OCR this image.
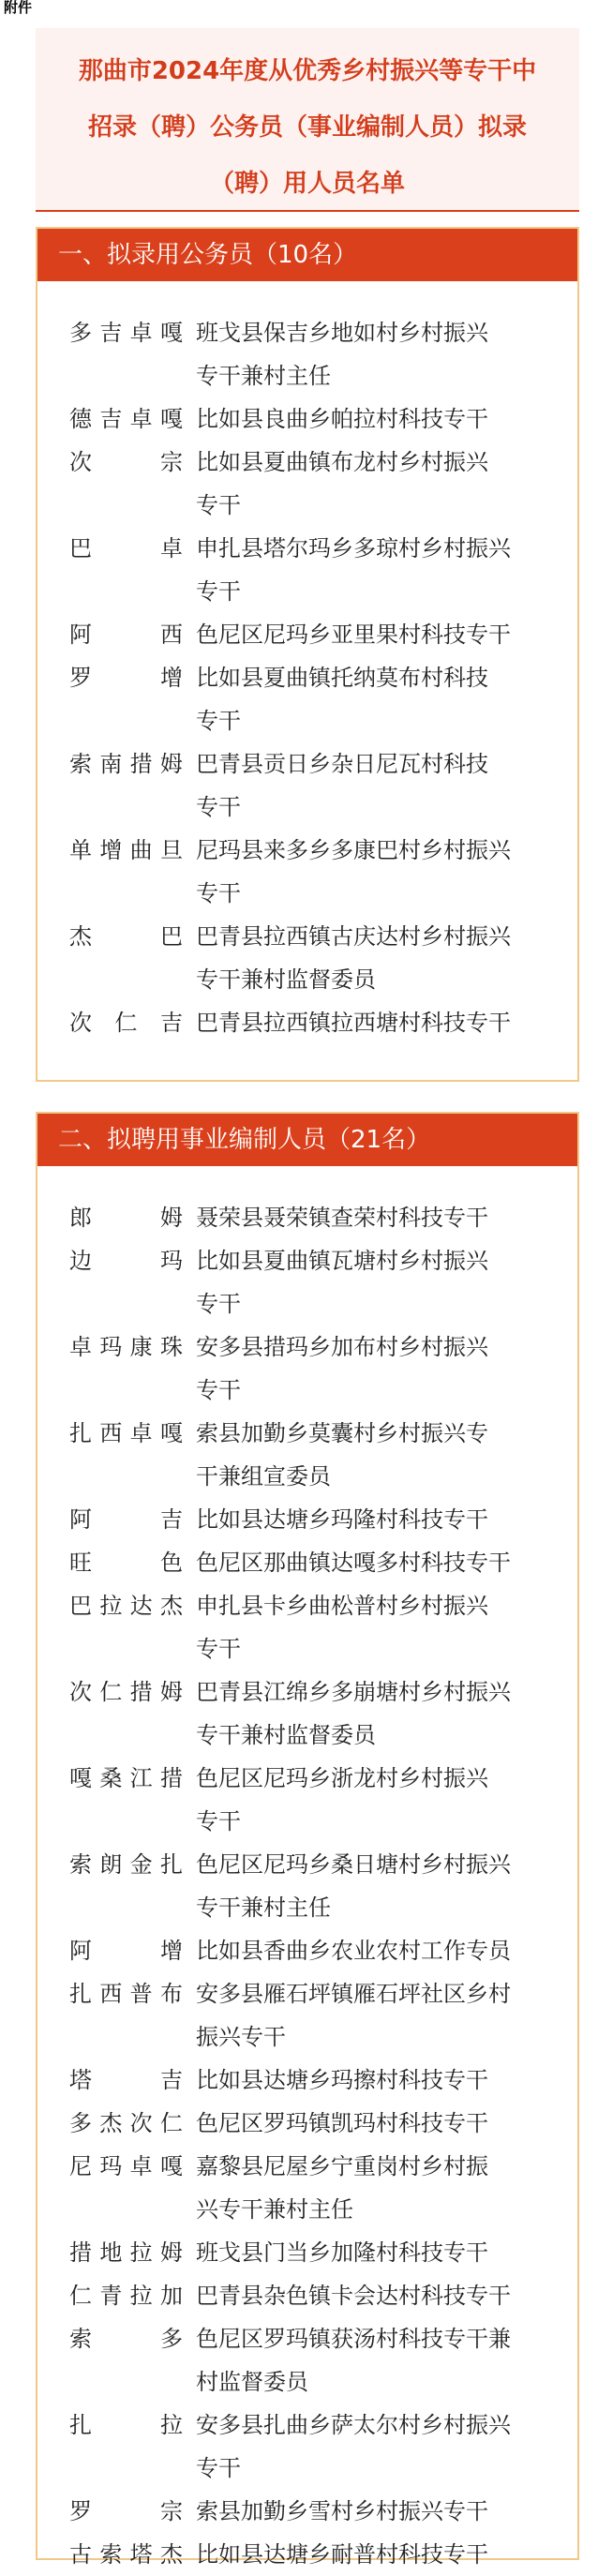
附件
那曲市2024年度从优秀乡村振兴等专干中
招录（聘）公务员（事业编制人员）拟录
（聘）用人员名单
一、拟录用公务员（10名）
多吉卓嘎 班戈县保吉乡地如村乡村振兴
专干兼村主任
德吉卓嘎 比如县良曲乡帕拉村科技专干
次 宗 比如县夏曲镇布龙村乡村振兴
专干
巴 卓 申扎县塔尔玛乡多琼村乡村振兴
专干
阿 西 色尼区尼玛乡亚里果村科技专干
罗 增 比如县夏曲镇托纳莫布村科技
专干
索南措姆 巴青县贡日乡杂日尼瓦村科技
专干
单增曲旦 尼玛县来多乡多康巴村乡村振兴
专干
杰 巴 巴青县拉西镇古庆达村乡村振兴
专干兼村监督委员
次 仁 吉 巴青县拉西镇拉西塘村科技专干
二、拟聘用事业编制人员（21名）
郎 姆 聂荣县聂荣镇查荣村科技专干
边 玛 比如县夏曲镇瓦塘村乡村振兴
专干
卓玛康珠 安多县措玛乡加布村乡村振兴
专干
扎西卓嘎 索县加勤乡莫囊村乡村振兴专
干兼组宣委员
阿 吉 比如县达塘乡玛隆村科技专干
旺 色 色尼区那曲镇达嘎多村科技专干
巴拉达杰 申扎县卡乡曲松普村乡村振兴
专干
次仁措姆 巴青县江绵乡多崩塘村乡村振兴
专干兼村监督委员
嘎桑江措 色尼区尼玛乡浙龙村乡村振兴
专干
索朗金扎 色尼区尼玛乡桑日塘村乡村振兴
专干兼村主任
阿 增 比如县香曲乡农业农村工作专员
扎西普布 安多县雁石坪镇雁石坪社区乡村
振兴专干
塔 吉 比如县达塘乡玛擦村科技专干
多杰次仁 色尼区罗玛镇凯玛村科技专干
尼玛卓嘎 嘉黎县尼屋乡宁重岗村乡村振
兴专干兼村主任
措地拉姆 班戈县门当乡加隆村科技专干
仁青拉加 巴青县杂色镇卡会达村科技专干
索 多 色尼区罗玛镇获汤村科技专干兼
村监督委员
扎 拉 安多县扎曲乡萨太尔村乡村振兴
专干
罗 宗 索县加勤乡雪村乡村振兴专干
古索塔杰 比如县达塘乡耐普村科技专干
